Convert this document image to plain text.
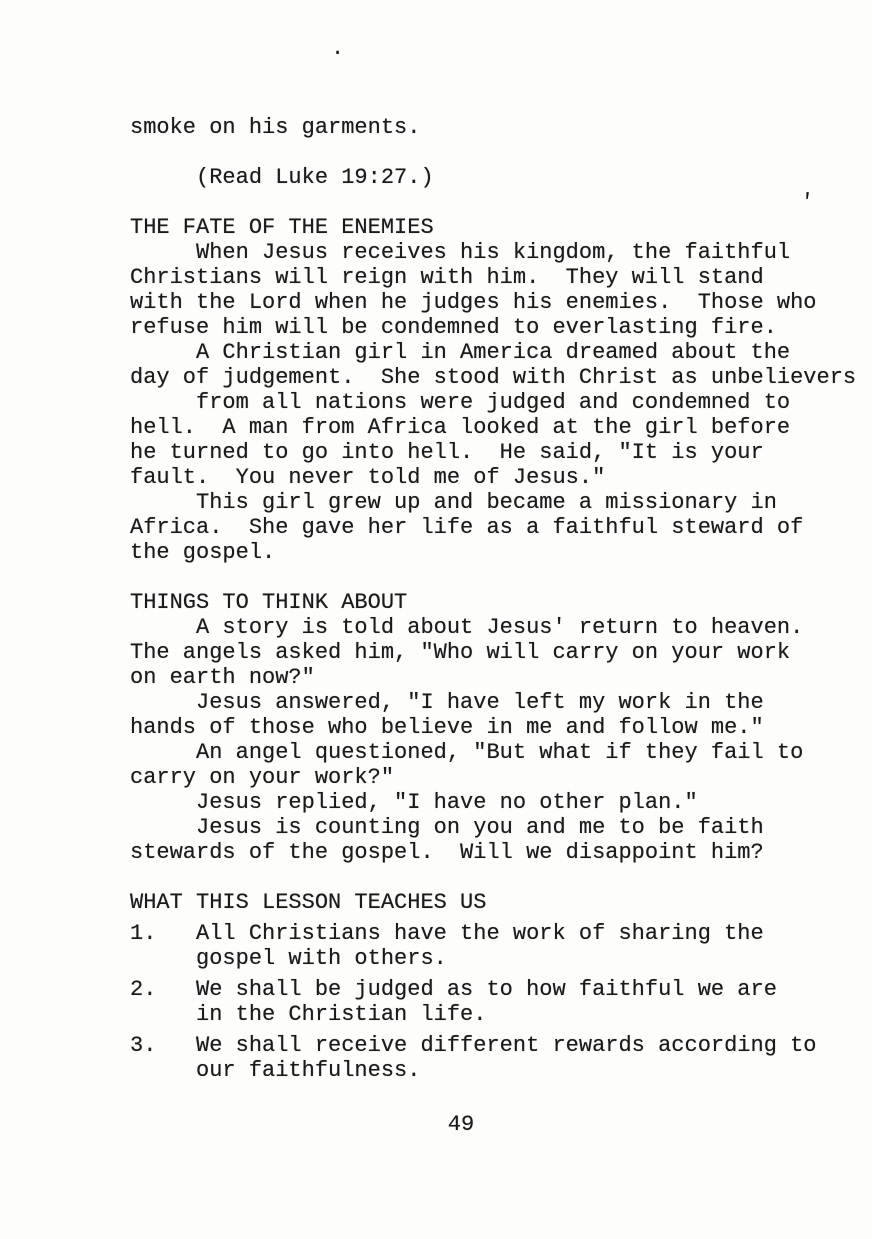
.
'
smoke on his garments.
(Read Luke 19:27.)
THE FATE OF THE ENEMIES
When Jesus receives his kingdom, the faithful
Christians will reign with him.  They will stand
with the Lord when he judges his enemies.  Those who
refuse him will be condemned to everlasting fire.
A Christian girl in America dreamed about the
day of judgement.  She stood with Christ as unbelievers
from all nations were judged and condemned to
hell.  A man from Africa looked at the girl before
he turned to go into hell.  He said, "It is your
fault.  You never told me of Jesus."
This girl grew up and became a missionary in
Africa.  She gave her life as a faithful steward of
the gospel.
THINGS TO THINK ABOUT
A story is told about Jesus' return to heaven.
The angels asked him, "Who will carry on your work
on earth now?"
Jesus answered, "I have left my work in the
hands of those who believe in me and follow me."
An angel questioned, "But what if they fail to
carry on your work?"
Jesus replied, "I have no other plan."
Jesus is counting on you and me to be faith
stewards of the gospel.  Will we disappoint him?
WHAT THIS LESSON TEACHES US
1.   All Christians have the work of sharing the
gospel with others.
2.   We shall be judged as to how faithful we are
in the Christian life.
3.   We shall receive different rewards according to
our faithfulness.
49
